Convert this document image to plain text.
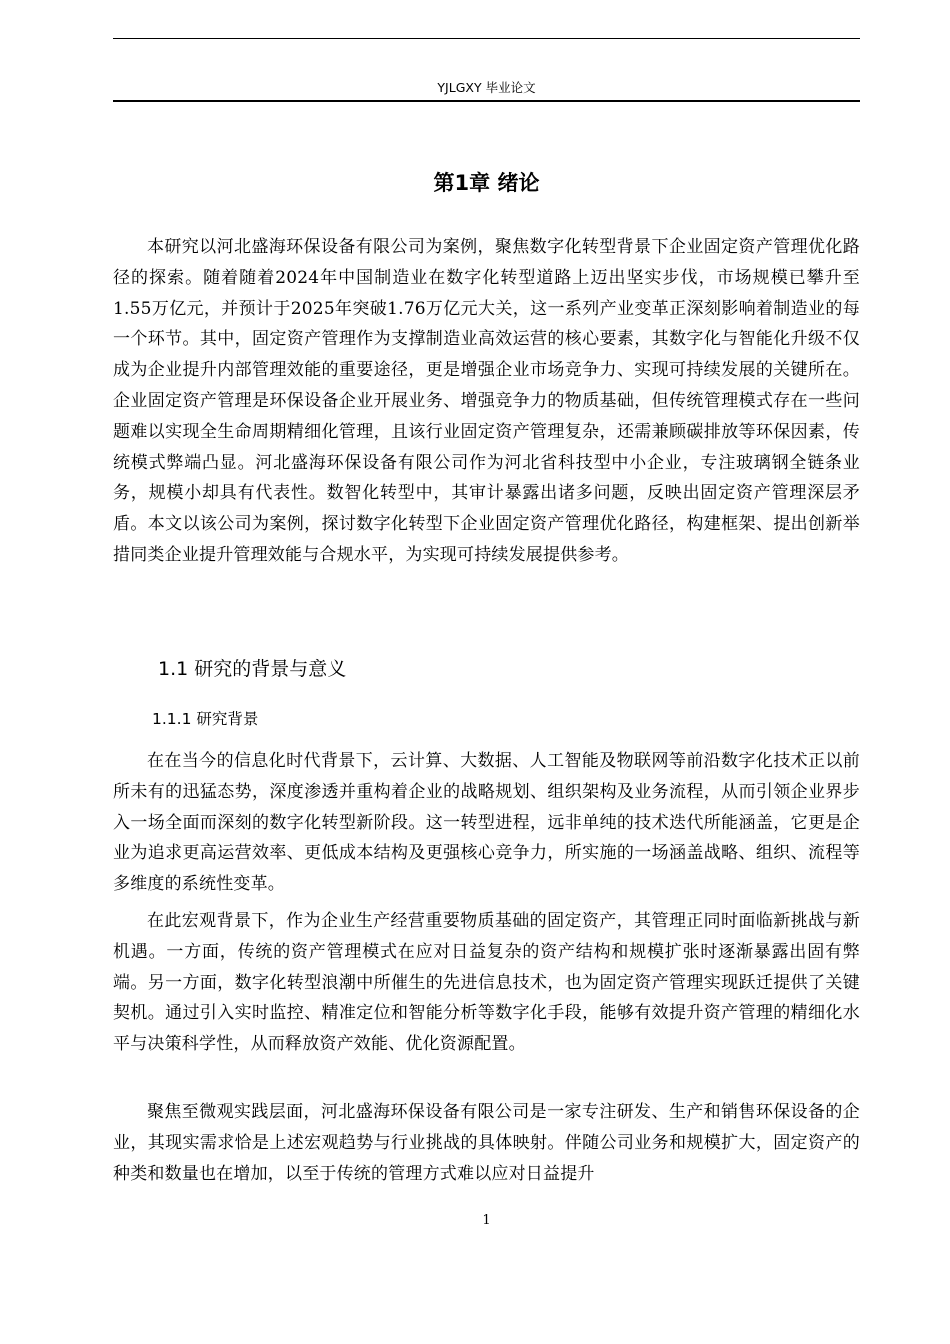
YJLGXY 毕业论文
第1章 绪论

本研究以河北盛海环保设备有限公司为案例，聚焦数字化转型背景下企业固定资产管理优化路径的探索。随着随着2024年中国制造业在数字化转型道路上迈出坚实步伐，市场规模已攀升至1.55万亿元，并预计于2025年突破1.76万亿元大关，这一系列产业变革正深刻影响着制造业的每一个环节。其中，固定资产管理作为支撑制造业高效运营的核心要素，其数字化与智能化升级不仅成为企业提升内部管理效能的重要途径，更是增强企业市场竞争力、实现可持续发展的关键所在。企业固定资产管理是环保设备企业开展业务、增强竞争力的物质基础，但传统管理模式存在一些问题难以实现全生命周期精细化管理，且该行业固定资产管理复杂，还需兼顾碳排放等环保因素，传统模式弊端凸显。河北盛海环保设备有限公司作为河北省科技型中小企业，专注玻璃钢全链条业务，规模小却具有代表性。数智化转型中，其审计暴露出诸多问题，反映出固定资产管理深层矛盾。本文以该公司为案例，探讨数字化转型下企业固定资产管理优化路径，构建框架、提出创新举措同类企业提升管理效能与合规水平，为实现可持续发展提供参考。

1.1 研究的背景与意义
1.1.1 研究背景

在在当今的信息化时代背景下，云计算、大数据、人工智能及物联网等前沿数字化技术正以前所未有的迅猛态势，深度渗透并重构着企业的战略规划、组织架构及业务流程，从而引领企业界步入一场全面而深刻的数字化转型新阶段。这一转型进程，远非单纯的技术迭代所能涵盖，它更是企业为追求更高运营效率、更低成本结构及更强核心竞争力，所实施的一场涵盖战略、组织、流程等多维度的系统性变革。

在此宏观背景下，作为企业生产经营重要物质基础的固定资产，其管理正同时面临新挑战与新机遇。一方面，传统的资产管理模式在应对日益复杂的资产结构和规模扩张时逐渐暴露出固有弊端。另一方面，数字化转型浪潮中所催生的先进信息技术，也为固定资产管理实现跃迁提供了关键契机。通过引入实时监控、精准定位和智能分析等数字化手段，能够有效提升资产管理的精细化水平与决策科学性，从而释放资产效能、优化资源配置。

聚焦至微观实践层面，河北盛海环保设备有限公司是一家专注研发、生产和销售环保设备的企业，其现实需求恰是上述宏观趋势与行业挑战的具体映射。伴随公司业务和规模扩大，固定资产的种类和数量也在增加，以至于传统的管理方式难以应对日益提升

1
